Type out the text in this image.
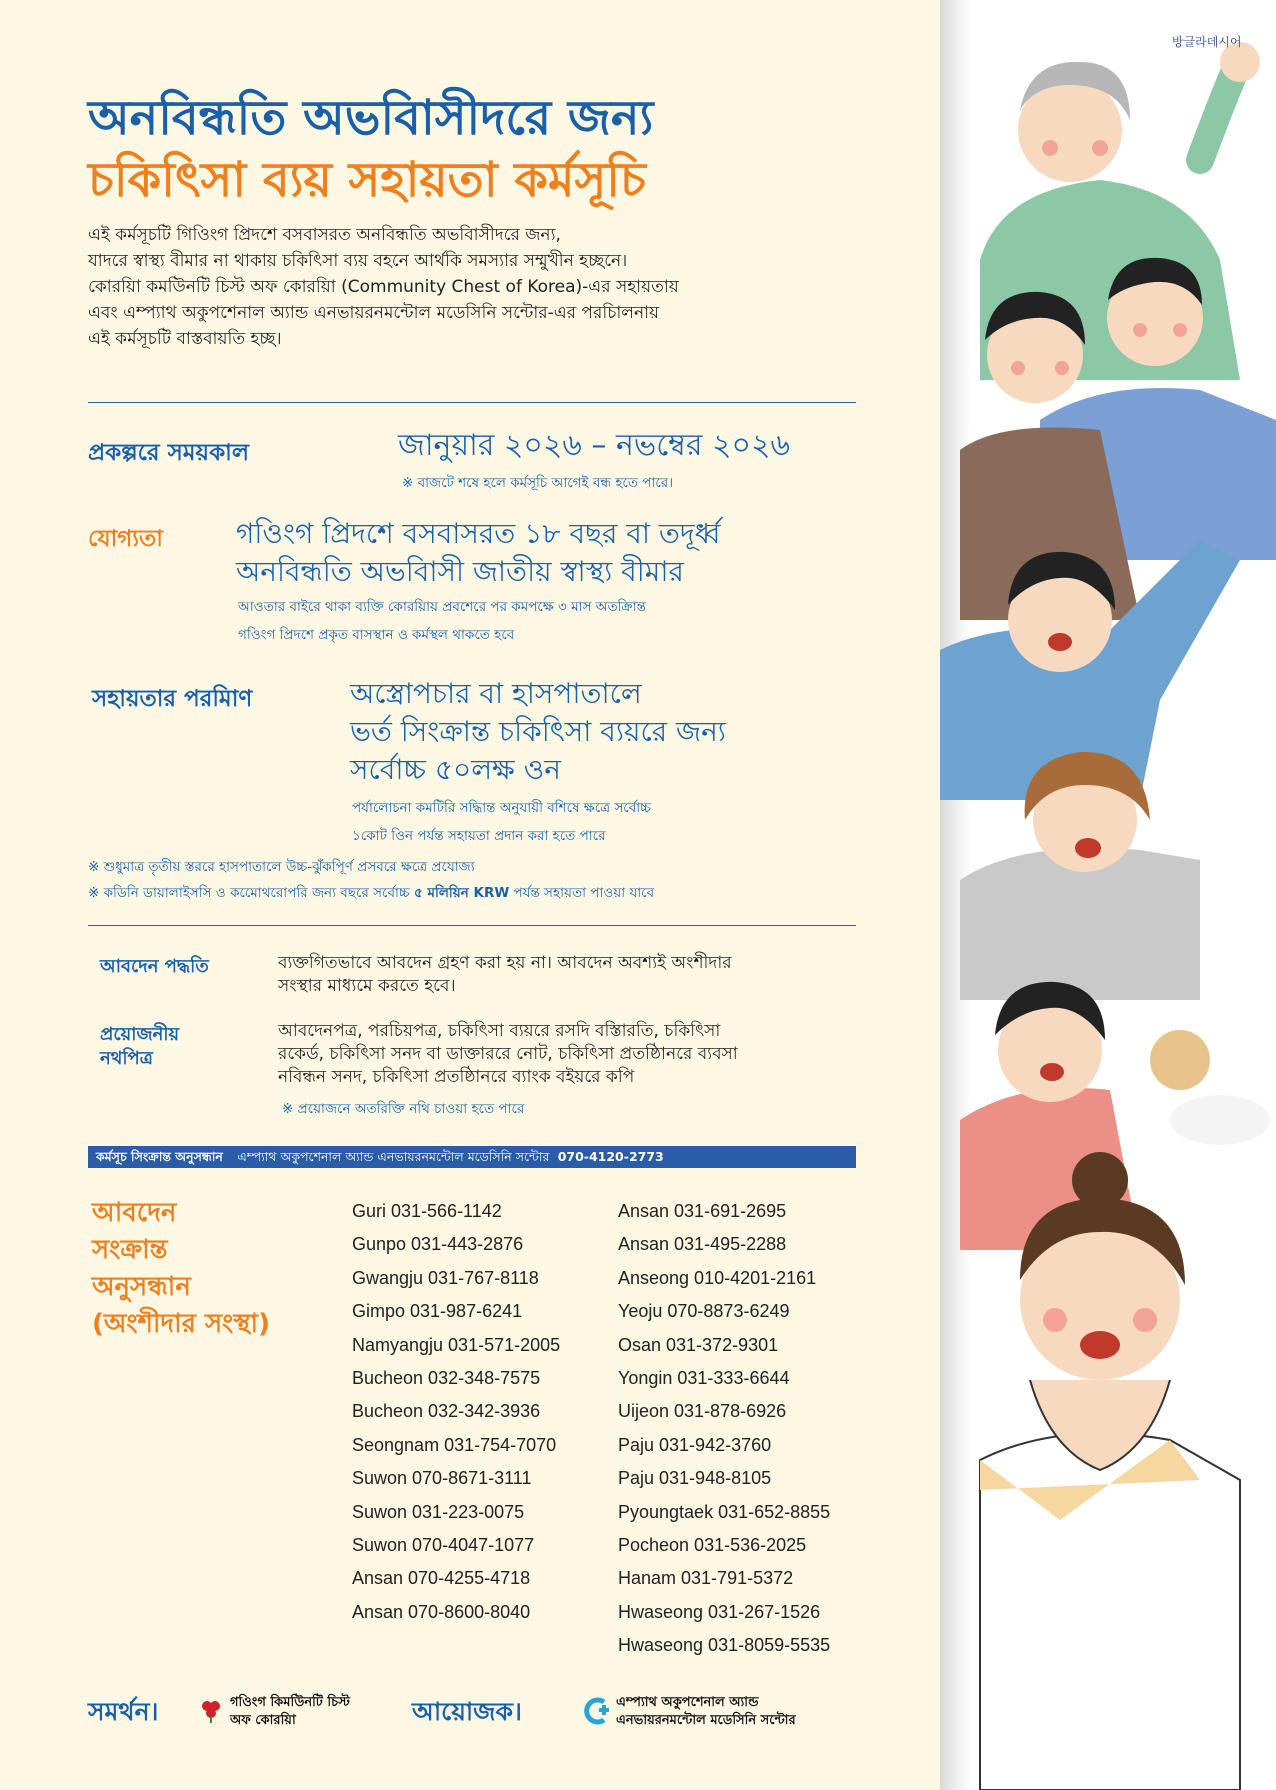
방글라데시어
অনবিন্ধতি অভবিাসীদরে জন্য
চকিৎিসা ব্যয় সহায়তা কর্মসূচি
এই কর্মসূচটি গিওিংগ প্রিদশে বসবাসরত অনবিন্ধতি অভবিাসীদরে জন্য,
যাদরে স্বাস্থ্য বীমার না থাকায় চকিৎিসা ব্যয় বহনে আর্থকি সমস্যার সম্মুখীন হচ্ছনে।
কোরয়িা কমউিনটি চিস্ট অফ কোরয়িা (Community Chest of Korea)-এর সহায়তায়
এবং এম্প্যাথ অকুপশেনাল অ্যান্ড এনভায়রনমন্টোল মডেসিনি সন্টোর-এর পরচিালনায়
এই কর্মসূচটি বাস্তবায়তি হচ্ছ।
প্রকল্পরে সময়কাল	জানুয়ার ২০২৬ – নভম্বের ২০২৬
※ বাজটে শষে হলে কর্মসূচি আগেই বন্ধ হতে পারে।
যোগ্যতা	গওিংগ প্রিদশে বসবাসরত ১৮ বছর বা তদূর্ধ্ব
অনবিন্ধতি অভবিাসী জাতীয় স্বাস্থ্য বীমার
আওতার বাইরে থাকা ব্যক্তি কোরয়িায় প্রবশেরে পর কমপক্ষে ৩ মাস অতক্রিান্ত
গওিংগ প্রিদশে প্রকৃত বাসস্থান ও কর্মস্থল থাকতে হবে
সহায়তার পরমািণ	অস্ত্রোপচার বা হাসপাতালে
ভর্ত সিংক্রান্ত চকিৎিসা ব্যয়রে জন্য
সর্বোচ্চ ৫০লক্ষ ওন
পর্যালোচনা কমটিরি সদ্ধিান্ত অনুযায়ী বশিষে ক্ষত্রে সর্বোচ্চ
১কোট ওিন পর্যন্ত সহায়তা প্রদান করা হতে পারে
※ শুধুমাত্র তৃতীয় স্তররে হাসপাতালে উচ্চ-ঝুঁকপিূর্ণ প্রসবরে ক্ষত্রে প্রযোজ্য
※ কডিনি ডায়ালাইসসি ও কমেোথরোপরি জন্য বছরে সর্বোচ্চ ৫ মলিয়িন KRW পর্যন্ত সহায়তা পাওয়া যাবে
আবদেন পদ্ধতি	ব্যক্তগিতভাবে আবদেন গ্রহণ করা হয় না। আবদেন অবশ্যই অংশীদার
সংস্থার মাধ্যমে করতে হবে।
প্রয়োজনীয়
নথপিত্র
আবদেনপত্র, পরচিয়পত্র, চকিৎিসা ব্যয়রে রসদি বস্তিারতি, চকিৎিসা
রকের্ড, চকিৎিসা সনদ বা ডাক্তাররে নোট, চকিৎিসা প্রতষ্ঠিানরে ব্যবসা
নবিন্ধন সনদ, চকিৎিসা প্রতষ্ঠিানরে ব্যাংক বইয়রে কপি
※ প্রয়োজনে অতরিক্তি নথি চাওয়া হতে পারে
কর্মসূচ সিংক্রান্ত অনুসন্ধান এম্প্যাথ অকুপশেনাল অ্যান্ড এনভায়রনমন্টোল মডেসিনি সন্টোর 070-4120-2773
আবদেন
সংক্রান্ত
অনুসন্ধান
(অংশীদার সংস্থা)
Guri 031-566-1142
Gunpo 031-443-2876
Gwangju 031-767-8118
Gimpo 031-987-6241
Namyangju 031-571-2005
Bucheon 032-348-7575
Bucheon 032-342-3936
Seongnam 031-754-7070
Suwon 070-8671-3111
Suwon 031-223-0075
Suwon 070-4047-1077
Ansan 070-4255-4718
Ansan 070-8600-8040
Ansan 031-691-2695
Ansan 031-495-2288
Anseong 010-4201-2161
Yeoju 070-8873-6249
Osan 031-372-9301
Yongin 031-333-6644
Uijeon 031-878-6926
Paju 031-942-3760
Paju 031-948-8105
Pyoungtaek 031-652-8855
Pocheon 031-536-2025
Hanam 031-791-5372
Hwaseong 031-267-1526
Hwaseong 031-8059-5535
সমর্থন।	গওিংগ কিমউিনটি চিস্ট
অফ কোরয়িা	আয়োজক।	এম্প্যাথ অকুপশেনাল অ্যান্ড
এনভায়রনমন্টোল মডেসিনি সন্টোর
